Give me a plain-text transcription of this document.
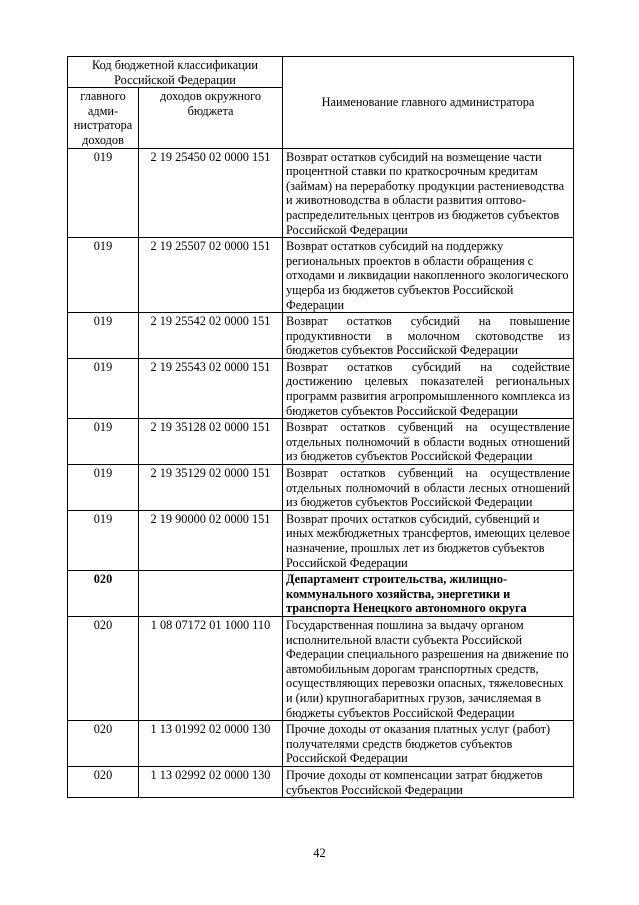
Код бюджетной классификации Российской Федерации		Наименование главного администратора
главного адми-нистратора доходов	доходов окружного бюджета	
019	2 19 25450 02 0000 151	Возврат остатков субсидий на возмещение части процентной ставки по краткосрочным кредитам (займам) на переработку продукции растениеводства и животноводства в области развития оптово-распределительных центров из бюджетов субъектов Российской Федерации
019	2 19 25507 02 0000 151	Возврат остатков субсидий на поддержку региональных проектов в области обращения с отходами и ликвидации накопленного экологического ущерба из бюджетов субъектов Российской Федерации
019	2 19 25542 02 0000 151	Возврат остатков субсидий на повышение продуктивности в молочном скотоводстве из бюджетов субъектов Российской Федерации
019	2 19 25543 02 0000 151	Возврат остатков субсидий на содействие достижению целевых показателей региональных программ развития агропромышленного комплекса из бюджетов субъектов Российской Федерации
019	2 19 35128 02 0000 151	Возврат остатков субвенций на осуществление отдельных полномочий в области водных отношений из бюджетов субъектов Российской Федерации
019	2 19 35129 02 0000 151	Возврат остатков субвенций на осуществление отдельных полномочий в области лесных отношений из бюджетов субъектов Российской Федерации
019	2 19 90000 02 0000 151	Возврат прочих остатков субсидий, субвенций и иных межбюджетных трансфертов, имеющих целевое назначение, прошлых лет из бюджетов субъектов Российской Федерации
020		Департамент строительства, жилищно-коммунального хозяйства, энергетики и транспорта Ненецкого автономного округа
020	1 08 07172 01 1000 110	Государственная пошлина за выдачу органом исполнительной власти субъекта Российской Федерации специального разрешения на движение по автомобильным дорогам транспортных средств, осуществляющих перевозки опасных, тяжеловесных и (или) крупногабаритных грузов, зачисляемая в бюджеты субъектов Российской Федерации
020	1 13 01992 02 0000 130	Прочие доходы от оказания платных услуг (работ) получателями средств бюджетов субъектов Российской Федерации
020	1 13 02992 02 0000 130	Прочие доходы от компенсации затрат бюджетов субъектов Российской Федерации
42
